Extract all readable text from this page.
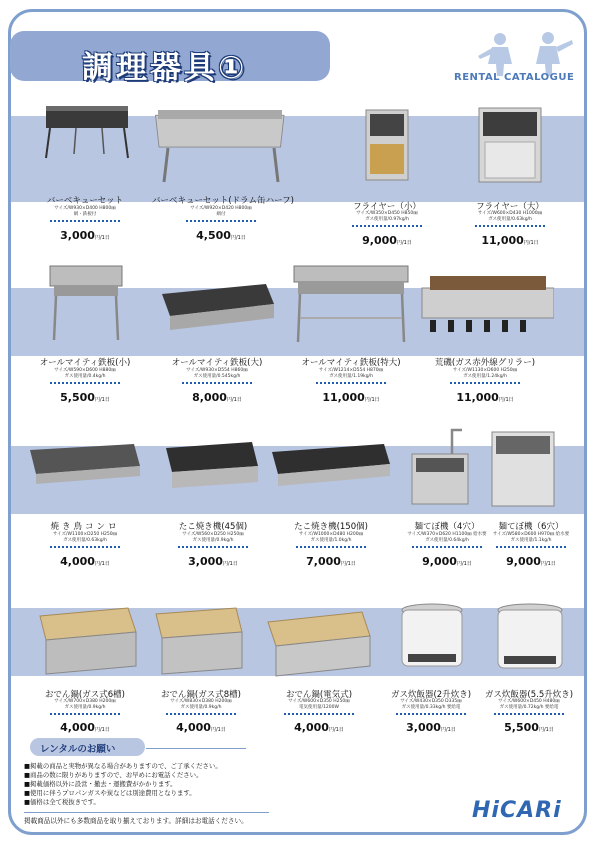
調理器具①	RENTAL CATALOGUE
バーベキューセット
サイズ/W930×D400 H800㎜
網・鉄板付
3,000円/1日
バーベキューセット(ドラム缶ハーフ)
サイズ/W920×D420 H800㎜
網付
4,500円/1日
フライヤー（小）
サイズ/W350×D450 H850㎜
ガス使用量/0.97kg/h
9,000円/1日
フライヤー（大）
サイズ/W600×D430 H1000㎜
ガス使用量/0.63kg/h
11,000円/1日
オールマイティ鉄板(小)
サイズ/W590×D600 H880㎜
ガス使用量/0.4kg/h
5,500円/1日
オールマイティ鉄板(大)
サイズ/W930×D554 H860㎜
ガス使用量/0.545kg/h
8,000円/1日
オールマイティ鉄板(特大)
サイズ/W1214×D554 H870㎜
ガス使用量/1.19kg/h
11,000円/1日
荒磯(ガス赤外線グリラー)
サイズ/W1130×D600 H250㎜
ガス使用量/1.24kg/h
11,000円/1日
焼き鳥コンロ
サイズ/W1100×D250 H250㎜
ガス使用量/0.63kg/h
4,000円/1日
たこ焼き機(45個)
サイズ/W560×D250 H250㎜
ガス使用量/0.9kg/h
3,000円/1日
たこ焼き機(150個)
サイズ/W1000×D480 H200㎜
ガス使用量/1.0kg/h
7,000円/1日
麺てぼ機（4穴）
サイズ/W370×D620 H1100㎜ 給水要
ガス使用量/0.64kg/h
9,000円/1日
麺てぼ機（6穴）
サイズ/W580×D600 H970㎜ 給水要
ガス使用量/1.1kg/h
9,000円/1日
おでん鍋(ガス式6槽)
サイズ/W700×D380 H200㎜
ガス使用量/0.9kg/h
4,000円/1日
おでん鍋(ガス式8槽)
サイズ/W830×D380 H200㎜
ガス使用量/0.9kg/h
4,000円/1日
おでん鍋(電気式)
サイズ/W600×D350 H250㎜
電気使用量/1200W
4,000円/1日
ガス炊飯器(2升炊き)
サイズ/W430×D350 D335㎜
ガス使用量/0.33kg/h 要給電
3,000円/1日
ガス炊飯器(5.5升炊き)
サイズ/W600×D450 H480㎜
ガス使用量/0.72kg/h 要給電
5,500円/1日
レンタルのお願い
■掲載の商品と実物が異なる場合がありますので、ご了承ください。
■商品の数に限りがありますので、お早めにお電話ください。
■掲載価格以外に設営・撤去・運搬費がかかります。
■使用に伴うプロパンガスや炭などは別途費用となります。
■価格は全て税抜きです。
掲載商品以外にも多数商品を取り揃えております。詳細はお電話ください。	HiCARi
